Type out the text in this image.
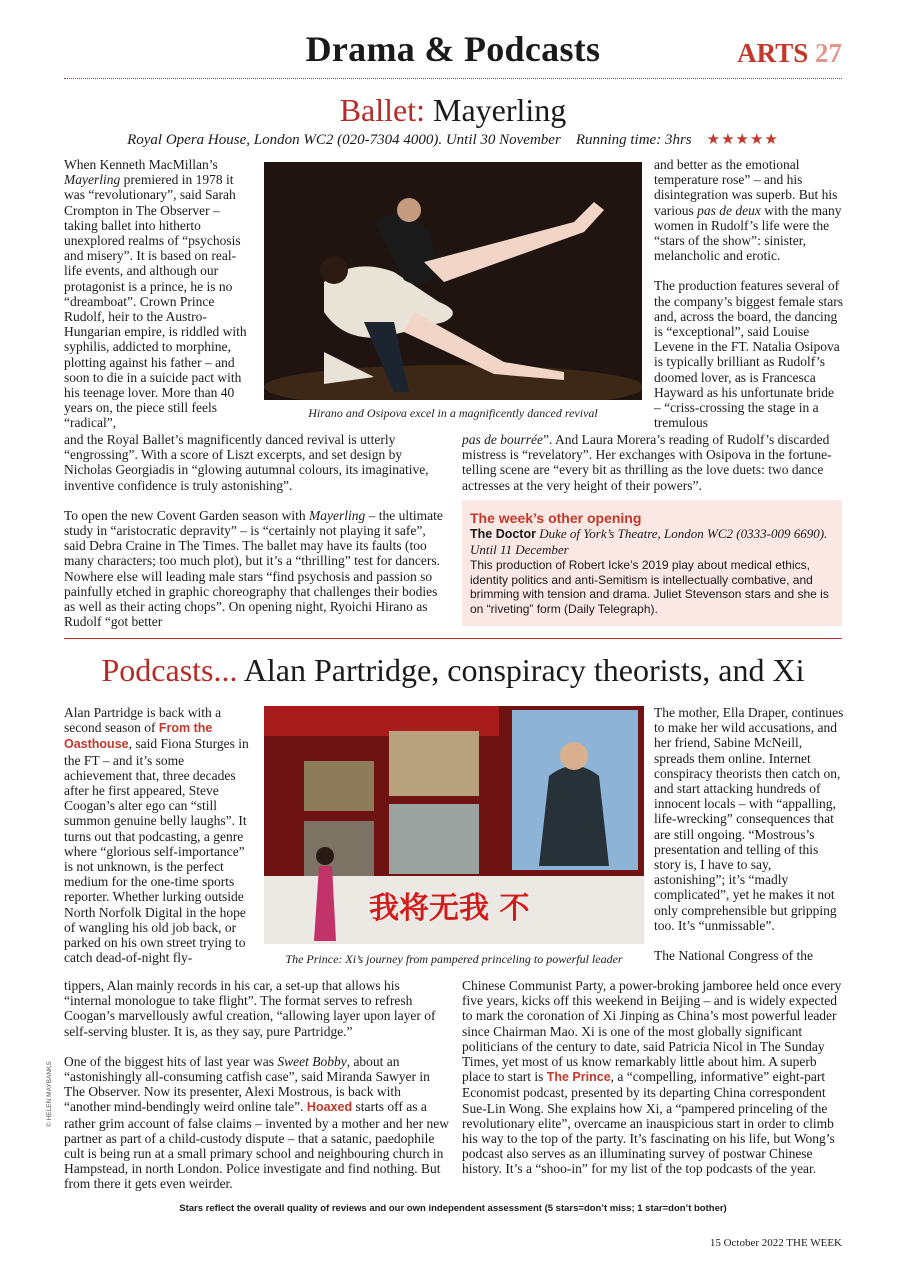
Drama & Podcasts	ARTS 27
Ballet: Mayerling
Royal Opera House, London WC2 (020-7304 4000). Until 30 November Running time: 3hrs ★★★★★

When Kenneth MacMillan’s Mayerling premiered in 1978 it was “revolutionary”, said Sarah Crompton in The Observer – taking ballet into hitherto unexplored realms of “psychosis and misery”. It is based on real-life events, and although our protagonist is a prince, he is no “dreamboat”. Crown Prince Rudolf, heir to the Austro-Hungarian empire, is riddled with syphilis, addicted to morphine, plotting against his father – and soon to die in a suicide pact with his teenage lover. More than 40 years on, the piece still feels “radical”,

Hirano and Osipova excel in a magnificently danced revival

and better as the emotional temperature rose” – and his disintegration was superb. But his various pas de deux with the many women in Rudolf’s life were the “stars of the show”: sinister, melancholic and erotic.

The production features several of the company’s biggest female stars and, across the board, the dancing is “exceptional”, said Louise Levene in the FT. Natalia Osipova is typically brilliant as Rudolf’s doomed lover, as is Francesca Hayward as his unfortunate bride – “criss-crossing the stage in a tremulous

and the Royal Ballet’s magnificently danced revival is utterly “engrossing”. With a score of Liszt excerpts, and set design by Nicholas Georgiadis in “glowing autumnal colours, its imaginative, inventive confidence is truly astonishing”.

To open the new Covent Garden season with Mayerling – the ultimate study in “aristocratic depravity” – is “certainly not playing it safe”, said Debra Craine in The Times. The ballet may have its faults (too many characters; too much plot), but it’s a “thrilling” test for dancers. Nowhere else will leading male stars “find psychosis and passion so painfully etched in graphic choreography that challenges their bodies as well as their acting chops”. On opening night, Ryoichi Hirano as Rudolf “got better

pas de bourrée”. And Laura Morera’s reading of Rudolf’s discarded mistress is “revelatory”. Her exchanges with Osipova in the fortune-telling scene are “every bit as thrilling as the love duets: two dance actresses at the very height of their powers”.

The week’s other opening
The Doctor Duke of York’s Theatre, London WC2 (0333-009 6690). Until 11 December
This production of Robert Icke’s 2019 play about medical ethics, identity politics and anti-Semitism is intellectually combative, and brimming with tension and drama. Juliet Stevenson stars and she is on “riveting” form (Daily Telegraph).
Podcasts... Alan Partridge, conspiracy theorists, and Xi

Alan Partridge is back with a second season of From the Oasthouse, said Fiona Sturges in the FT – and it’s some achievement that, three decades after he first appeared, Steve Coogan’s alter ego can “still summon genuine belly laughs”. It turns out that podcasting, a genre where “glorious self-importance” is not unknown, is the perfect medium for the one-time sports reporter. Whether lurking outside North Norfolk Digital in the hope of wangling his old job back, or parked on his own street trying to catch dead-of-night fly-

我将无我 不
The Prince: Xi’s journey from pampered princeling to powerful leader

The mother, Ella Draper, continues to make her wild accusations, and her friend, Sabine McNeill, spreads them online. Internet conspiracy theorists then catch on, and start attacking hundreds of innocent locals – with “appalling, life-wrecking” consequences that are still ongoing. “Mostrous’s presentation and telling of this story is, I have to say, astonishing”; it’s “madly complicated”, yet he makes it not only comprehensible but gripping too. It’s “unmissable”.

The National Congress of the

tippers, Alan mainly records in his car, a set-up that allows his “internal monologue to take flight”. The format serves to refresh Coogan’s marvellously awful creation, “allowing layer upon layer of self-serving bluster. It is, as they say, pure Partridge.”

One of the biggest hits of last year was Sweet Bobby, about an “astonishingly all-consuming catfish case”, said Miranda Sawyer in The Observer. Now its presenter, Alexi Mostrous, is back with “another mind-bendingly weird online tale”. Hoaxed starts off as a rather grim account of false claims – invented by a mother and her new partner as part of a child-custody dispute – that a satanic, paedophile cult is being run at a small primary school and neighbouring church in Hampstead, in north London. Police investigate and find nothing. But from there it gets even weirder.

Chinese Communist Party, a power-broking jamboree held once every five years, kicks off this weekend in Beijing – and is widely expected to mark the coronation of Xi Jinping as China’s most powerful leader since Chairman Mao. Xi is one of the most globally significant politicians of the century to date, said Patricia Nicol in The Sunday Times, yet most of us know remarkably little about him. A superb place to start is The Prince, a “compelling, informative” eight-part Economist podcast, presented by its departing China correspondent Sue-Lin Wong. She explains how Xi, a “pampered princeling of the revolutionary elite”, overcame an inauspicious start in order to climb his way to the top of the party. It’s fascinating on his life, but Wong’s podcast also serves as an illuminating survey of postwar Chinese history. It’s a “shoo-in” for my list of the top podcasts of the year.

Stars reflect the overall quality of reviews and our own independent assessment (5 stars=don’t miss; 1 star=don’t bother)
15 October 2022 THE WEEK
© HELEN MAYBANKS
